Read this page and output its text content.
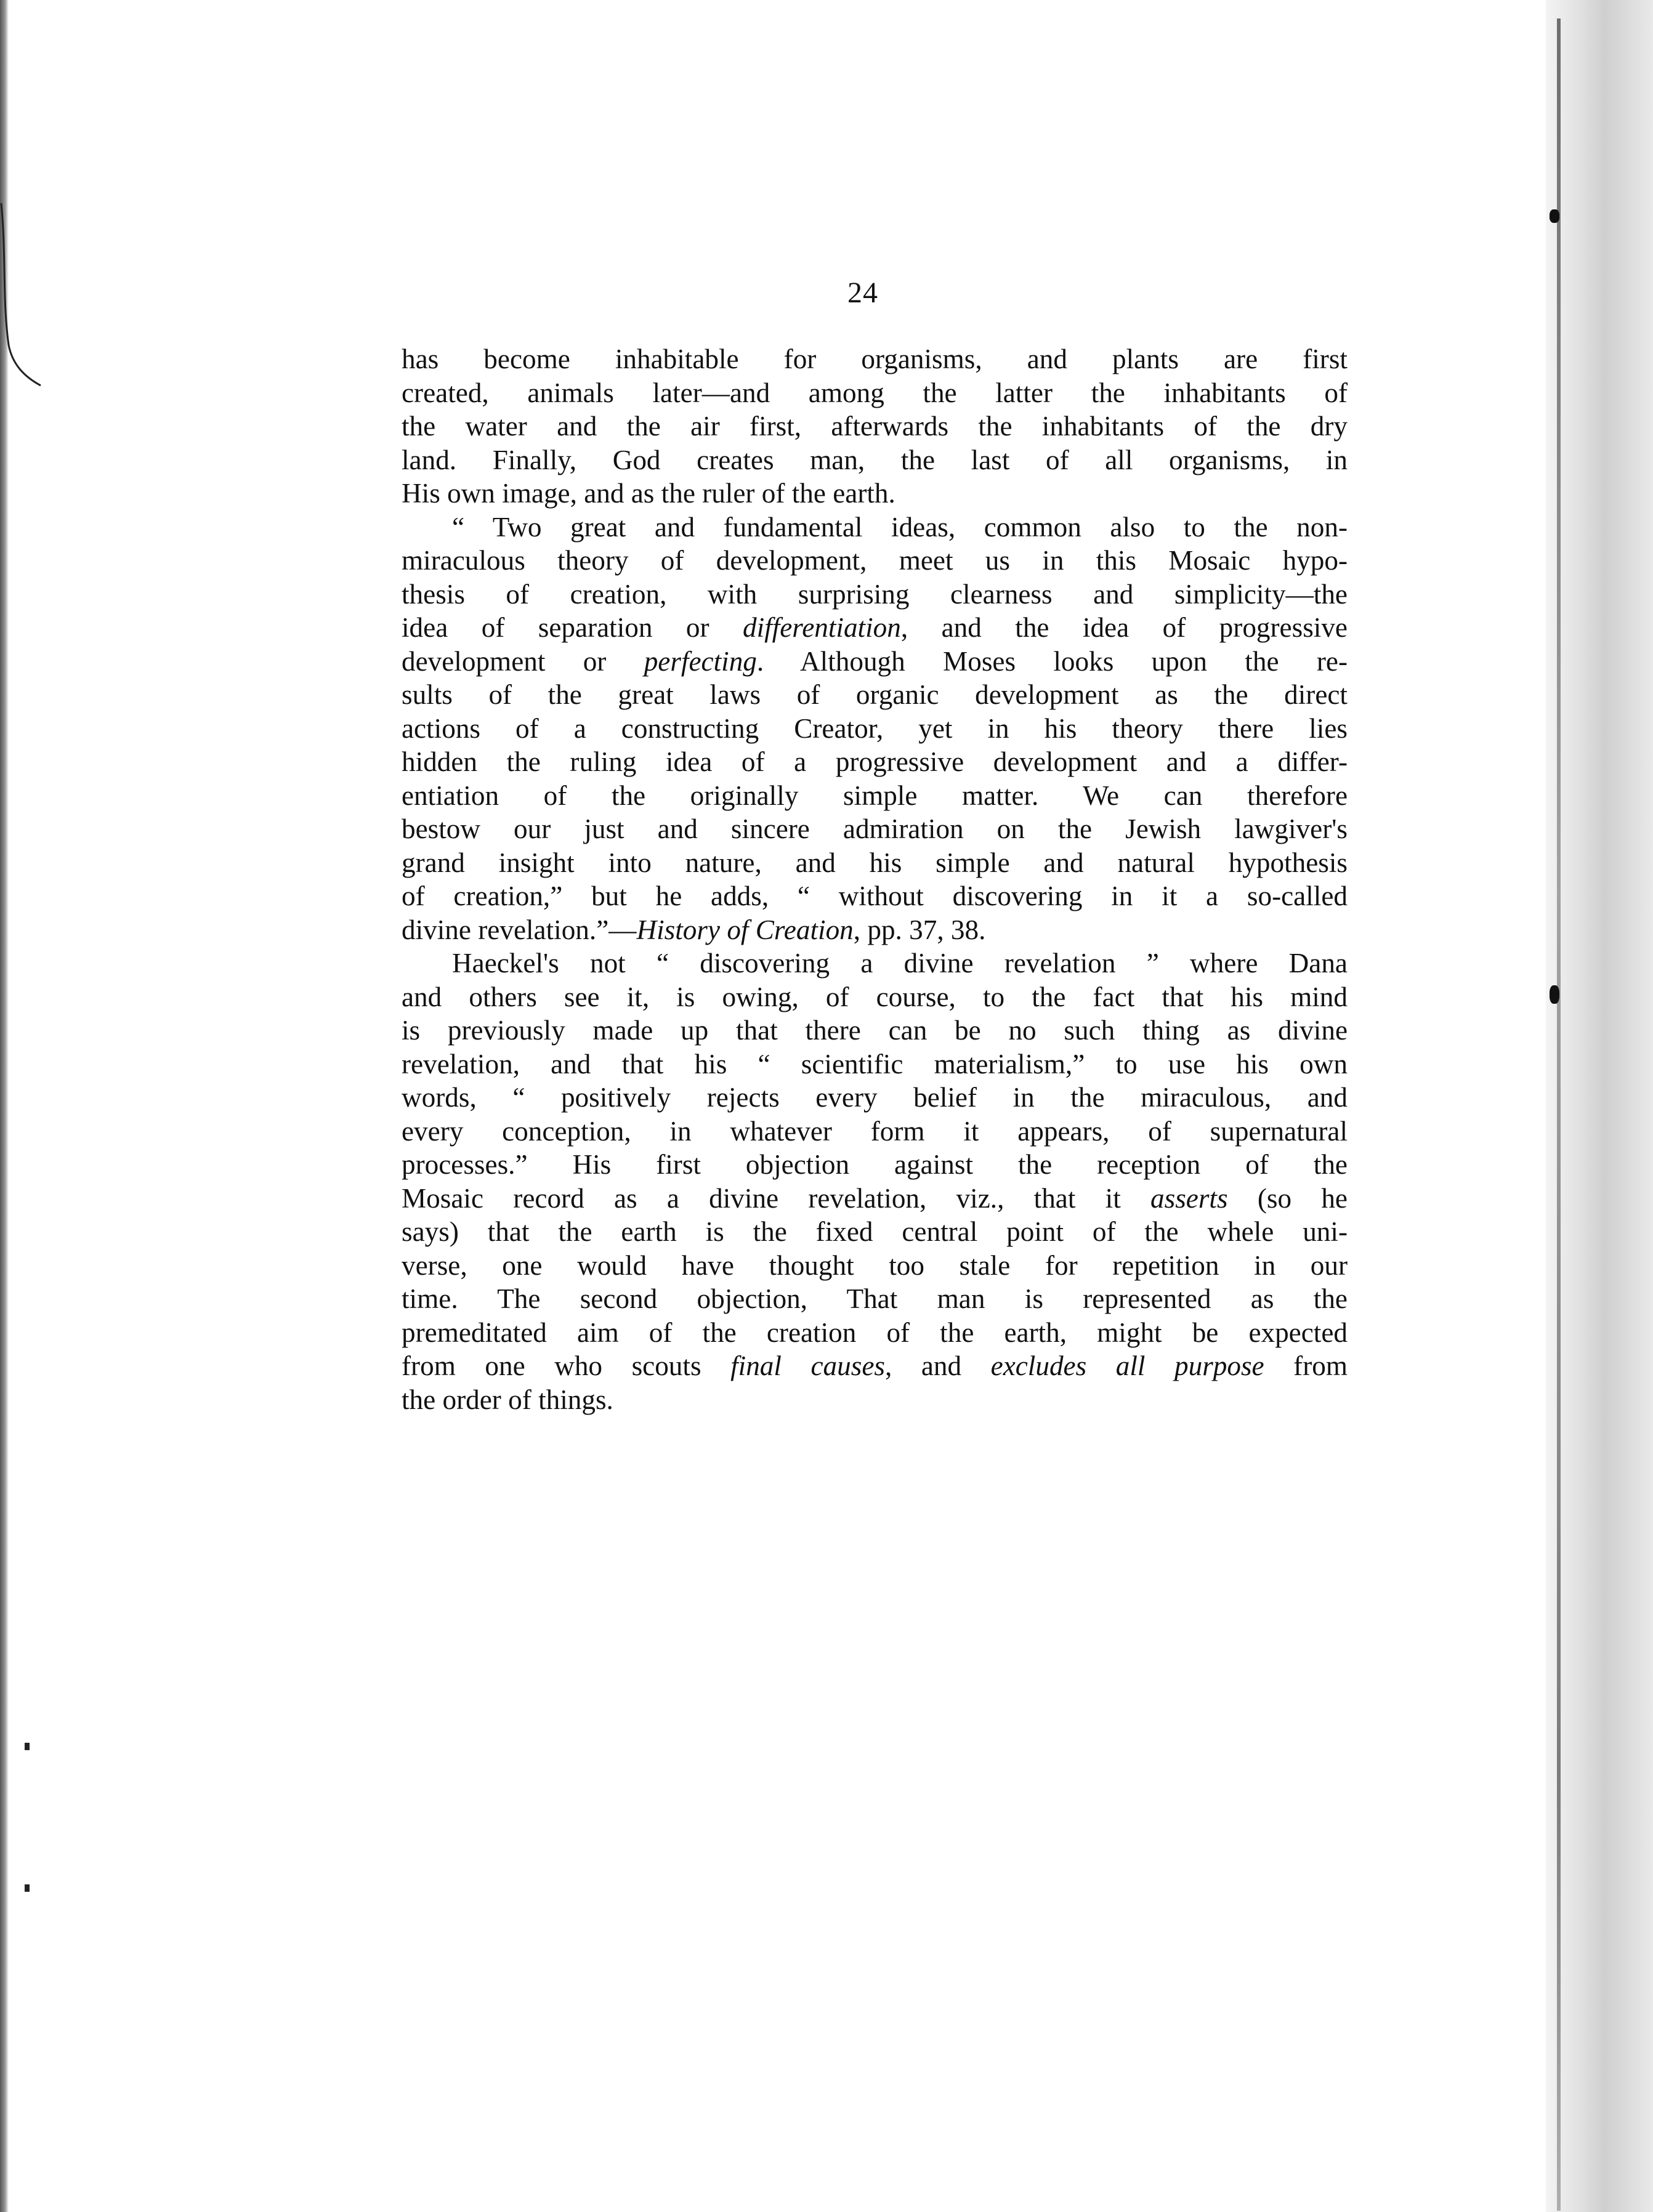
24
has become inhabitable for organisms, and plants are first
created, animals later—and among the latter the inhabitants of
the water and the air first, afterwards the inhabitants of the dry
land. Finally, God creates man, the last of all organisms, in
His own image, and as the ruler of the earth.
“ Two great and fundamental ideas, common also to the non-
miraculous theory of development, meet us in this Mosaic hypo-
thesis of creation, with surprising clearness and simplicity—the
idea of separation or differentiation, and the idea of progressive
development or perfecting. Although Moses looks upon the re-
sults of the great laws of organic development as the direct
actions of a constructing Creator, yet in his theory there lies
hidden the ruling idea of a progressive development and a differ-
entiation of the originally simple matter. We can therefore
bestow our just and sincere admiration on the Jewish lawgiver's
grand insight into nature, and his simple and natural hypothesis
of creation,” but he adds, “ without discovering in it a so-called
divine revelation.”—History of Creation, pp. 37, 38.
Haeckel's not “ discovering a divine revelation ” where Dana
and others see it, is owing, of course, to the fact that his mind
is previously made up that there can be no such thing as divine
revelation, and that his “ scientific materialism,” to use his own
words, “ positively rejects every belief in the miraculous, and
every conception, in whatever form it appears, of supernatural
processes.” His first objection against the reception of the
Mosaic record as a divine revelation, viz., that it asserts (so he
says) that the earth is the fixed central point of the whele uni-
verse, one would have thought too stale for repetition in our
time. The second objection, That man is represented as the
premeditated aim of the creation of the earth, might be expected
from one who scouts final causes, and excludes all purpose from
the order of things.
